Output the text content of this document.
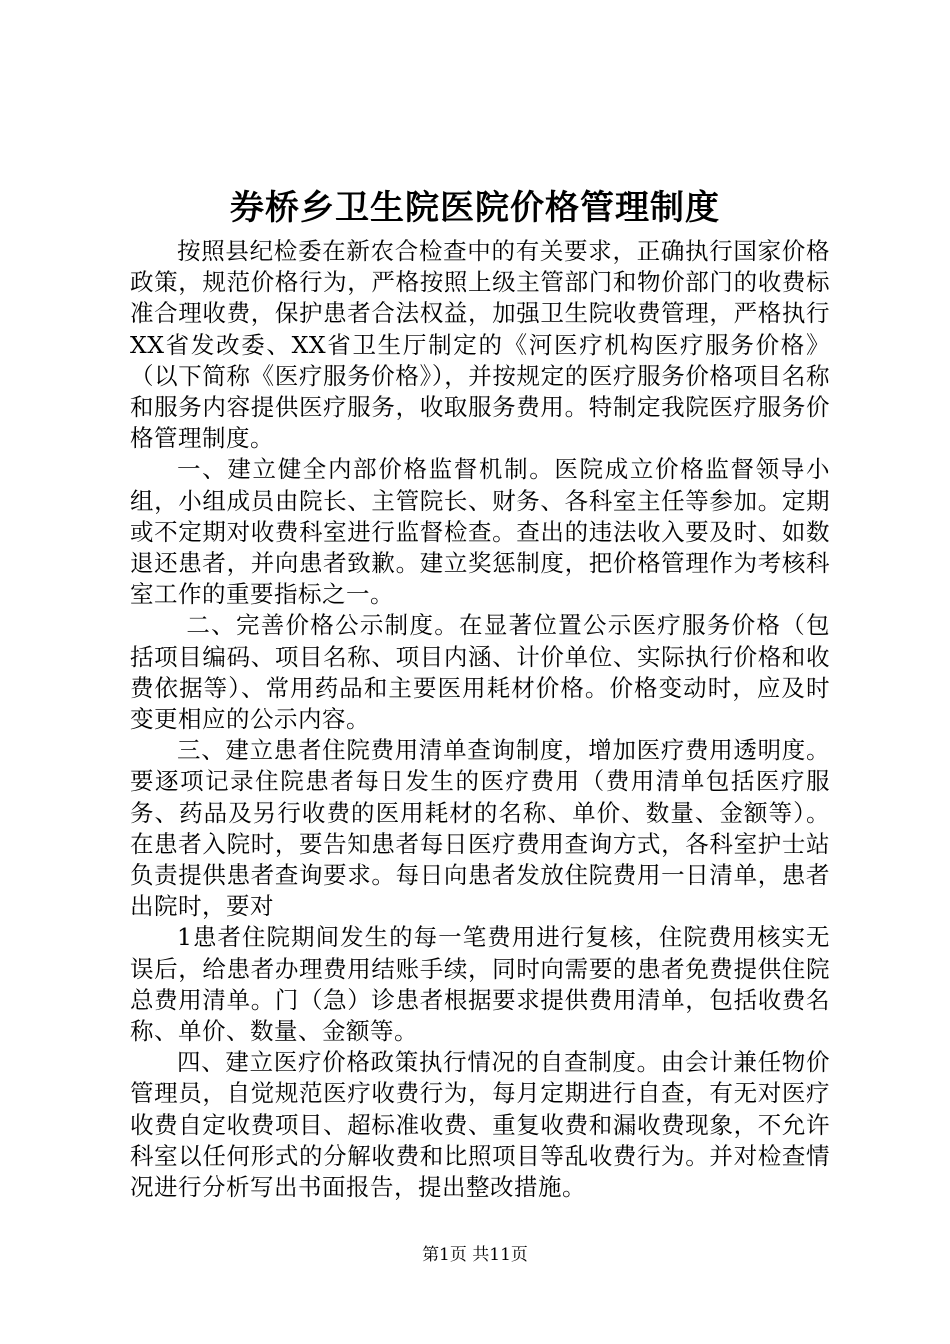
券桥乡卫生院医院价格管理制度

按照县纪检委在新农合检查中的有关要求，正确执行国家价格政策，规范价格行为，严格按照上级主管部门和物价部门的收费标准合理收费，保护患者合法权益，加强卫生院收费管理，严格执行XX省发改委、XX省卫生厅制定的《河医疗机构医疗服务价格》（以下简称《医疗服务价格》），并按规定的医疗服务价格项目名称和服务内容提供医疗服务，收取服务费用。特制定我院医疗服务价格管理制度。

一、建立健全内部价格监督机制。医院成立价格监督领导小组，小组成员由院长、主管院长、财务、各科室主任等参加。定期或不定期对收费科室进行监督检查。查出的违法收入要及时、如数退还患者，并向患者致歉。建立奖惩制度，把价格管理作为考核科室工作的重要指标之一。

二、完善价格公示制度。在显著位置公示医疗服务价格（包括项目编码、项目名称、项目内涵、计价单位、实际执行价格和收费依据等）、常用药品和主要医用耗材价格。价格变动时，应及时变更相应的公示内容。

三、建立患者住院费用清单查询制度，增加医疗费用透明度。要逐项记录住院患者每日发生的医疗费用（费用清单包括医疗服务、药品及另行收费的医用耗材的名称、单价、数量、金额等）。在患者入院时，要告知患者每日医疗费用查询方式，各科室护士站负责提供患者查询要求。每日向患者发放住院费用一日清单，患者出院时，要对

1患者住院期间发生的每一笔费用进行复核，住院费用核实无误后，给患者办理费用结账手续，同时向需要的患者免费提供住院总费用清单。门（急）诊患者根据要求提供费用清单，包括收费名称、单价、数量、金额等。

四、建立医疗价格政策执行情况的自查制度。由会计兼任物价管理员，自觉规范医疗收费行为，每月定期进行自查，有无对医疗收费自定收费项目、超标准收费、重复收费和漏收费现象，不允许科室以任何形式的分解收费和比照项目等乱收费行为。并对检查情况进行分析写出书面报告，提出整改措施。

第1页 共11页
